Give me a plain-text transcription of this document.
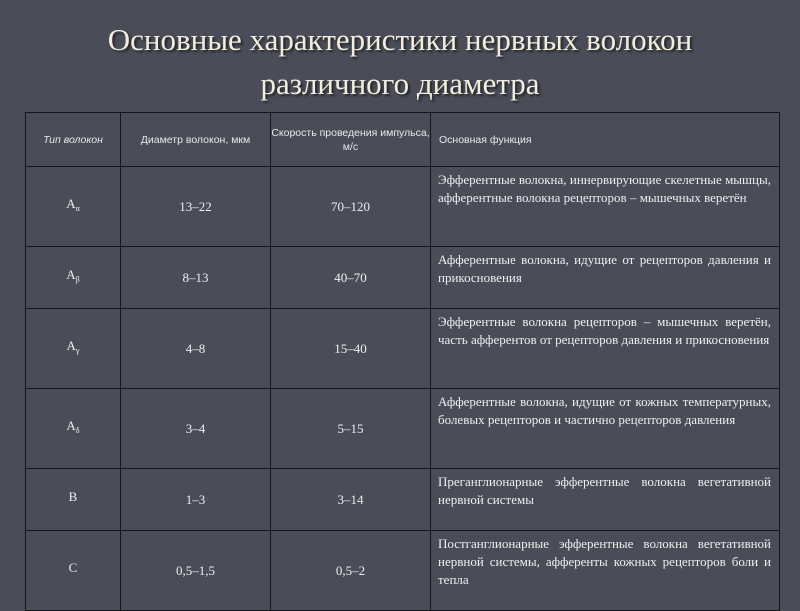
Основные характеристики нервных волокон
различного диаметра
Тип волокон	Диаметр волокон, мкм	Скорость проведения импульса, м/с	Основная функция
$A_\alpha$	13–22	70–120	Эфферентные волокна, иннервирующие скелетные мышцы, афферентные волокна рецепторов – мышечных веретён
$A_\beta$	8–13	40–70	Афферентные волокна, идущие от рецепторов давления и прикосновения
$A_\gamma$	4–8	15–40	Эфферентные волокна рецепторов – мышечных веретён, часть афферентов от рецепторов давления и прикосновения
$A_\delta$	3–4	5–15	Афферентные волокна, идущие от кожных температурных, болевых рецепторов и частично рецепторов давления
B	1–3	3–14	Преганглионарные эфферентные волокна вегетативной нервной системы
C	0,5–1,5	0,5–2	Постганглионарные эфферентные волокна вегетативной нервной системы, афференты кожных рецепторов боли и тепла
